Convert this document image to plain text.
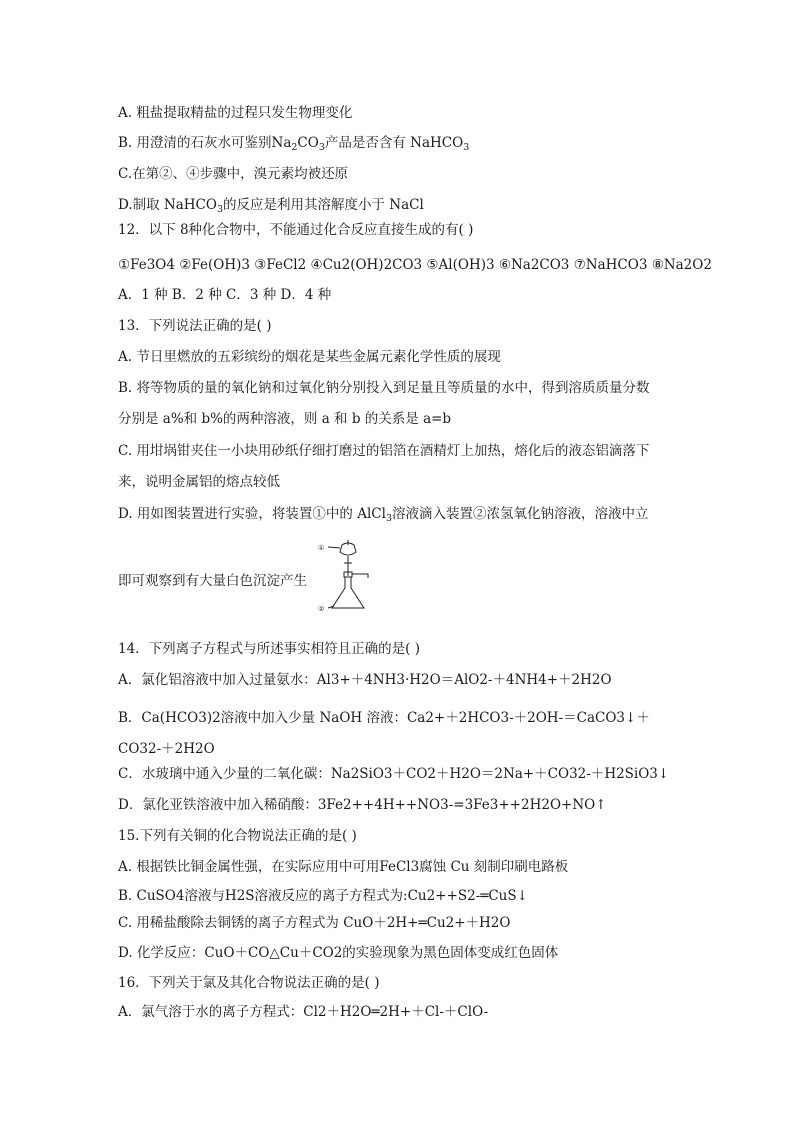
A. 粗盐提取精盐的过程只发生物理变化
B. 用澄清的石灰水可鉴别$Na_2CO_3$产品是否含有 NaHCO$_3$
C.在第②、④步骤中，溴元素均被还原
D.制取 NaHCO$_3$的反应是利用其溶解度小于 NaCl
12．以下 8种化合物中，不能通过化合反应直接生成的有( )
①Fe3O4 ②Fe(OH)3 ③FeCl2 ④Cu2(OH)2CO3 ⑤Al(OH)3 ⑥Na2CO3 ⑦NaHCO3 ⑧Na2O2
A．1 种 B．2 种 C．3 种 D．4 种
13．下列说法正确的是( )
A. 节日里燃放的五彩缤纷的烟花是某些金属元素化学性质的展现
B. 将等物质的量的氧化钠和过氧化钠分别投入到足量且等质量的水中，得到溶质质量分数
分别是 a%和 b%的两种溶液，则 a 和 b 的关系是 a=b
C. 用坩埚钳夹住一小块用砂纸仔细打磨过的铝箔在酒精灯上加热，熔化后的液态铝滴落下
来，说明金属铝的熔点较低
D. 用如图装置进行实验，将装置①中的 AlCl$_3$溶液滴入装置②浓氢氧化钠溶液，溶液中立
即可观察到有大量白色沉淀产生
①
②
14．下列离子方程式与所述事实相符且正确的是( )
A．氯化铝溶液中加入过量氨水：Al3+＋4NH3·H2O＝AlO2-＋4NH4+＋2H2O
B．Ca(HCO3)2溶液中加入少量 NaOH 溶液：Ca2+＋2HCO3-＋2OH-＝CaCO3↓＋CO32-＋2H2O
C．水玻璃中通入少量的二氧化碳：Na2SiO3＋CO2＋H2O＝2Na+＋CO32-＋H2SiO3↓
D．氯化亚铁溶液中加入稀硝酸：3Fe2++4H++NO3-=3Fe3++2H2O+NO↑
15.下列有关铜的化合物说法正确的是( )
A. 根据铁比铜金属性强，在实际应用中可用FeCl3腐蚀 Cu 刻制印刷电路板
B. CuSO4溶液与H2S溶液反应的离子方程式为:Cu2++S2-═CuS↓
C. 用稀盐酸除去铜锈的离子方程式为 CuO＋2H+═Cu2+＋H2O
D. 化学反应：CuO＋CO△Cu＋CO2的实验现象为黑色固体变成红色固体
16．下列关于氯及其化合物说法正确的是( )
A．氯气溶于水的离子方程式：Cl2＋H2O═2H+＋Cl-＋ClO-
